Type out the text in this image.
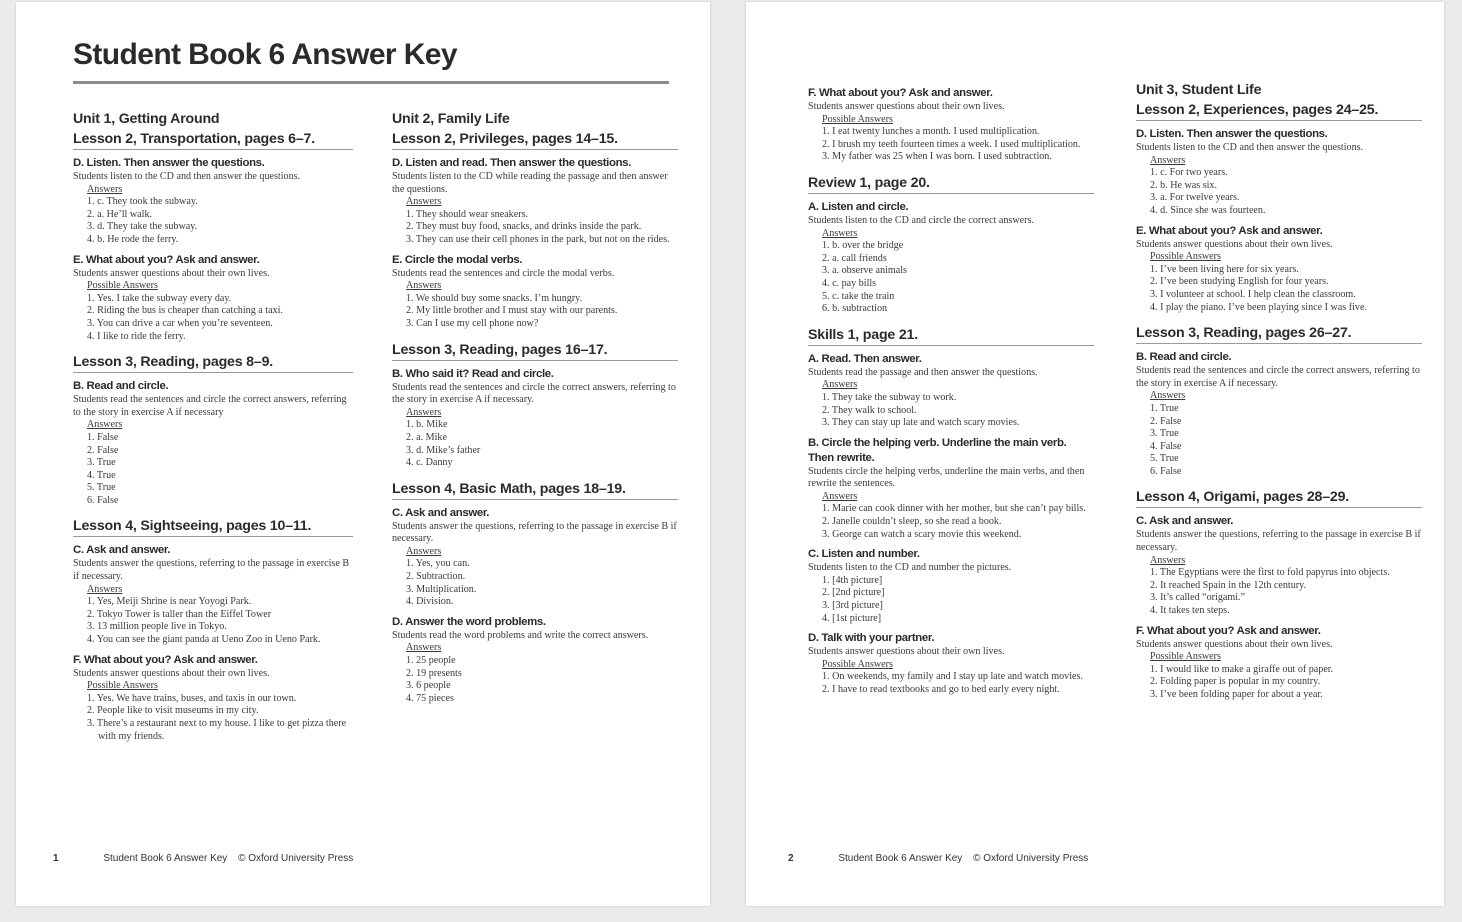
Student Book 6 Answer Key
Unit 1, Getting Around
Lesson 2, Transportation, pages 6–7.
D. Listen. Then answer the questions.
Students listen to the CD and then answer the questions.
Answers
1. c. They took the subway.
2. a. He’ll walk.
3. d. They take the subway.
4. b. He rode the ferry.
E. What about you? Ask and answer.
Students answer questions about their own lives.
Possible Answers
1. Yes. I take the subway every day.
2. Riding the bus is cheaper than catching a taxi.
3. You can drive a car when you’re seventeen.
4. I like to ride the ferry.
Lesson 3, Reading, pages 8–9.
B. Read and circle.
Students read the sentences and circle the correct answers, referring to the story in exercise A if necessary
Answers
1. False
2. False
3. True
4. True
5. True
6. False
Lesson 4, Sightseeing, pages 10–11.
C. Ask and answer.
Students answer the questions, referring to the passage in exercise B if necessary.
Answers
1. Yes, Meiji Shrine is near Yoyogi Park.
2. Tokyo Tower is taller than the Eiffel Tower
3. 13 million people live in Tokyo.
4. You can see the giant panda at Ueno Zoo in Ueno Park.
F. What about you? Ask and answer.
Students answer questions about their own lives.
Possible Answers
1. Yes. We have trains, buses, and taxis in our town.
2. People like to visit museums in my city.
3. There’s a restaurant next to my house. I like to get pizza there with my friends.
Unit 2, Family Life
Lesson 2, Privileges, pages 14–15.
D. Listen and read. Then answer the questions.
Students listen to the CD while reading the passage and then answer the questions.
Answers
1. They should wear sneakers.
2. They must buy food, snacks, and drinks inside the park.
3. They can use their cell phones in the park, but not on the rides.
E. Circle the modal verbs.
Students read the sentences and circle the modal verbs.
Answers
1. We should buy some snacks. I’m hungry.
2. My little brother and I must stay with our parents.
3. Can I use my cell phone now?
Lesson 3, Reading, pages 16–17.
B. Who said it? Read and circle.
Students read the sentences and circle the correct answers, referring to the story in exercise A if necessary.
Answers
1. b. Mike
2. a. Mike
3. d. Mike’s father
4. c. Danny
Lesson 4, Basic Math, pages 18–19.
C. Ask and answer.
Students answer the questions, referring to the passage in exercise B if necessary.
Answers
1. Yes, you can.
2. Subtraction.
3. Multiplication.
4. Division.
D. Answer the word problems.
Students read the word problems and write the correct answers.
Answers
1. 25 people
2. 19 presents
3. 6 people
4. 75 pieces
1	Student Book 6 Answer Key © Oxford University Press
F. What about you? Ask and answer.
Students answer questions about their own lives.
Possible Answers
1. I eat twenty lunches a month. I used multiplication.
2. I brush my teeth fourteen times a week. I used multiplication.
3. My father was 25 when I was born. I used subtraction.
Review 1, page 20.
A. Listen and circle.
Students listen to the CD and circle the correct answers.
Answers
1. b. over the bridge
2. a. call friends
3. a. observe animals
4. c. pay bills
5. c. take the train
6. b. subtraction
Skills 1, page 21.
A. Read. Then answer.
Students read the passage and then answer the questions.
Answers
1. They take the subway to work.
2. They walk to school.
3. They can stay up late and watch scary movies.
B. Circle the helping verb. Underline the main verb. Then rewrite.
Students circle the helping verbs, underline the main verbs, and then rewrite the sentences.
Answers
1. Marie can cook dinner with her mother, but she can’t pay bills.
2. Janelle couldn’t sleep, so she read a book.
3. George can watch a scary movie this weekend.
C. Listen and number.
Students listen to the CD and number the pictures.
1. [4th picture]
2. [2nd picture]
3. [3rd picture]
4. [1st picture]
D. Talk with your partner.
Students answer questions about their own lives.
Possible Answers
1. On weekends, my family and I stay up late and watch movies.
2. I have to read textbooks and go to bed early every night.
Unit 3, Student Life
Lesson 2, Experiences, pages 24–25.
D. Listen. Then answer the questions.
Students listen to the CD and then answer the questions.
Answers
1. c. For two years.
2. b. He was six.
3. a. For twelve years.
4. d. Since she was fourteen.
E. What about you? Ask and answer.
Students answer questions about their own lives.
Possible Answers
1. I’ve been living here for six years.
2. I’ve been studying English for four years.
3. I volunteer at school. I help clean the classroom.
4. I play the piano. I’ve been playing since I was five.
Lesson 3, Reading, pages 26–27.
B. Read and circle.
Students read the sentences and circle the correct answers, referring to the story in exercise A if necessary.
Answers
1. True
2. False
3. True
4. False
5. True
6. False
Lesson 4, Origami, pages 28–29.
C. Ask and answer.
Students answer the questions, referring to the passage in exercise B if necessary.
Answers
1. The Egyptians were the first to fold papyrus into objects.
2. It reached Spain in the 12th century.
3. It’s called “origami.”
4. It takes ten steps.
F. What about you? Ask and answer.
Students answer questions about their own lives.
Possible Answers
1. I would like to make a giraffe out of paper.
2. Folding paper is popular in my country.
3. I’ve been folding paper for about a year.
2	Student Book 6 Answer Key © Oxford University Press
